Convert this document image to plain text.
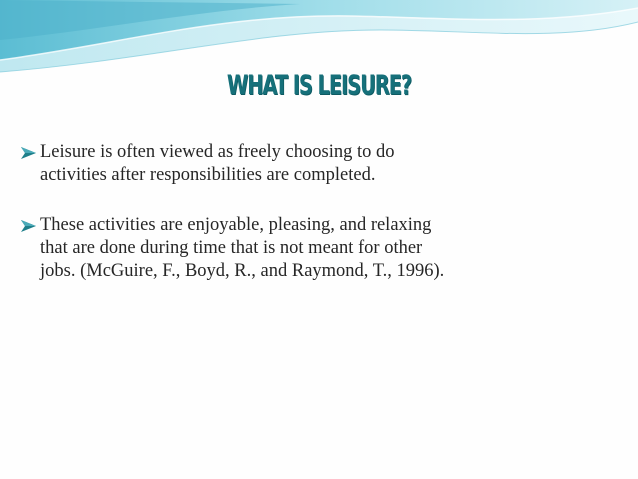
WHAT IS LEISURE?
Leisure is often viewed as freely choosing to do
activities after responsibilities are completed.
These activities are enjoyable, pleasing, and relaxing
that are done during time that is not meant for other
jobs. (McGuire, F., Boyd, R., and Raymond, T., 1996).
